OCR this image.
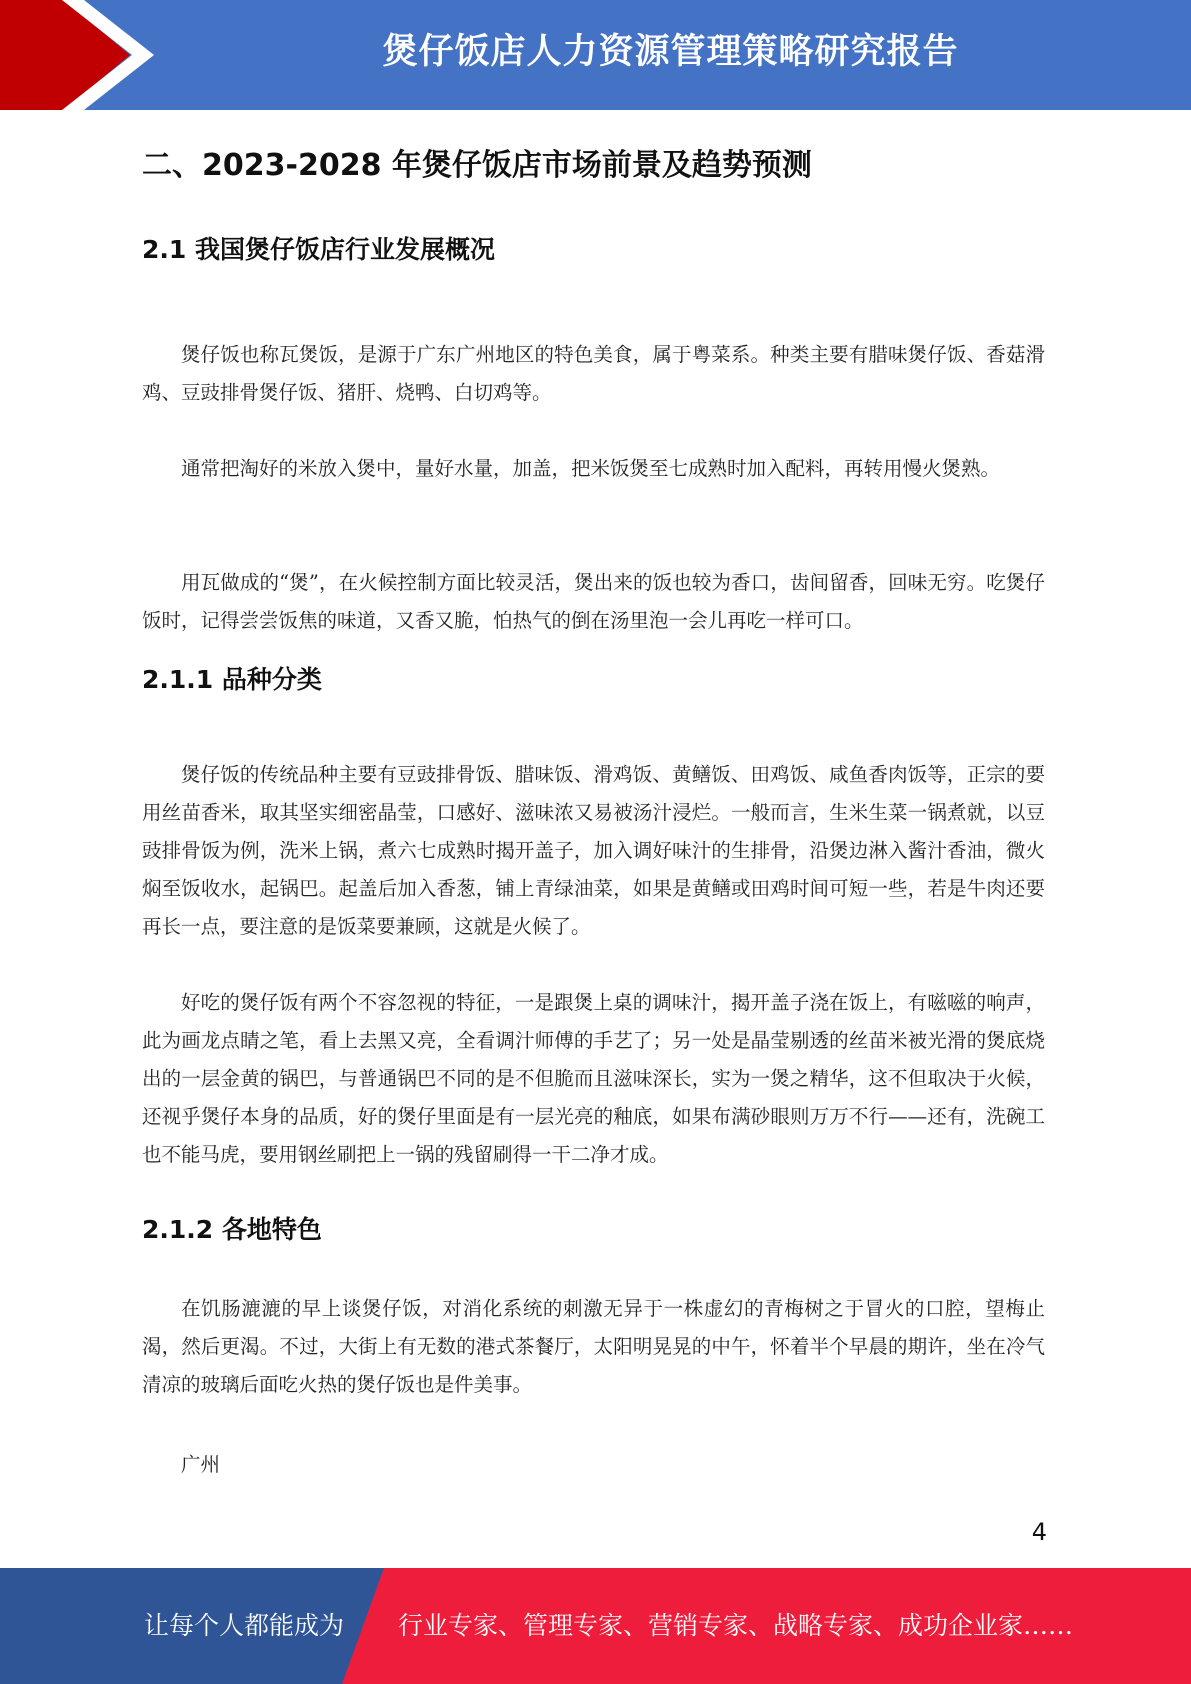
煲仔饭店人力资源管理策略研究报告
二、2023-2028 年煲仔饭店市场前景及趋势预测
2.1 我国煲仔饭店行业发展概况

煲仔饭也称瓦煲饭，是源于广东广州地区的特色美食，属于粤菜系。种类主要有腊味煲仔饭、香菇滑鸡、豆豉排骨煲仔饭、猪肝、烧鸭、白切鸡等。

通常把淘好的米放入煲中，量好水量，加盖，把米饭煲至七成熟时加入配料，再转用慢火煲熟。

用瓦做成的“煲”，在火候控制方面比较灵活，煲出来的饭也较为香口，齿间留香，回味无穷。吃煲仔饭时，记得尝尝饭焦的味道，又香又脆，怕热气的倒在汤里泡一会儿再吃一样可口。

2.1.1 品种分类

煲仔饭的传统品种主要有豆豉排骨饭、腊味饭、滑鸡饭、黄鳝饭、田鸡饭、咸鱼香肉饭等，正宗的要用丝苗香米，取其坚实细密晶莹，口感好、滋味浓又易被汤汁浸烂。一般而言，生米生菜一锅煮就，以豆豉排骨饭为例，洗米上锅，煮六七成熟时揭开盖子，加入调好味汁的生排骨，沿煲边淋入酱汁香油，微火焖至饭收水，起锅巴。起盖后加入香葱，铺上青绿油菜，如果是黄鳝或田鸡时间可短一些，若是牛肉还要再长一点，要注意的是饭菜要兼顾，这就是火候了。

好吃的煲仔饭有两个不容忽视的特征，一是跟煲上桌的调味汁，揭开盖子浇在饭上，有嗞嗞的响声，此为画龙点睛之笔，看上去黑又亮，全看调汁师傅的手艺了；另一处是晶莹剔透的丝苗米被光滑的煲底烧出的一层金黄的锅巴，与普通锅巴不同的是不但脆而且滋味深长，实为一煲之精华，这不但取决于火候，还视乎煲仔本身的品质，好的煲仔里面是有一层光亮的釉底，如果布满砂眼则万万不行——还有，洗碗工也不能马虎，要用钢丝刷把上一锅的残留刷得一干二净才成。

2.1.2 各地特色

在饥肠漉漉的早上谈煲仔饭，对消化系统的刺激无异于一株虚幻的青梅树之于冒火的口腔，望梅止渴，然后更渴。不过，大街上有无数的港式茶餐厅，太阳明晃晃的中午，怀着半个早晨的期许，坐在冷气清凉的玻璃后面吃火热的煲仔饭也是件美事。

广州

4
让每个人都能成为 行业专家、管理专家、营销专家、战略专家、成功企业家……
